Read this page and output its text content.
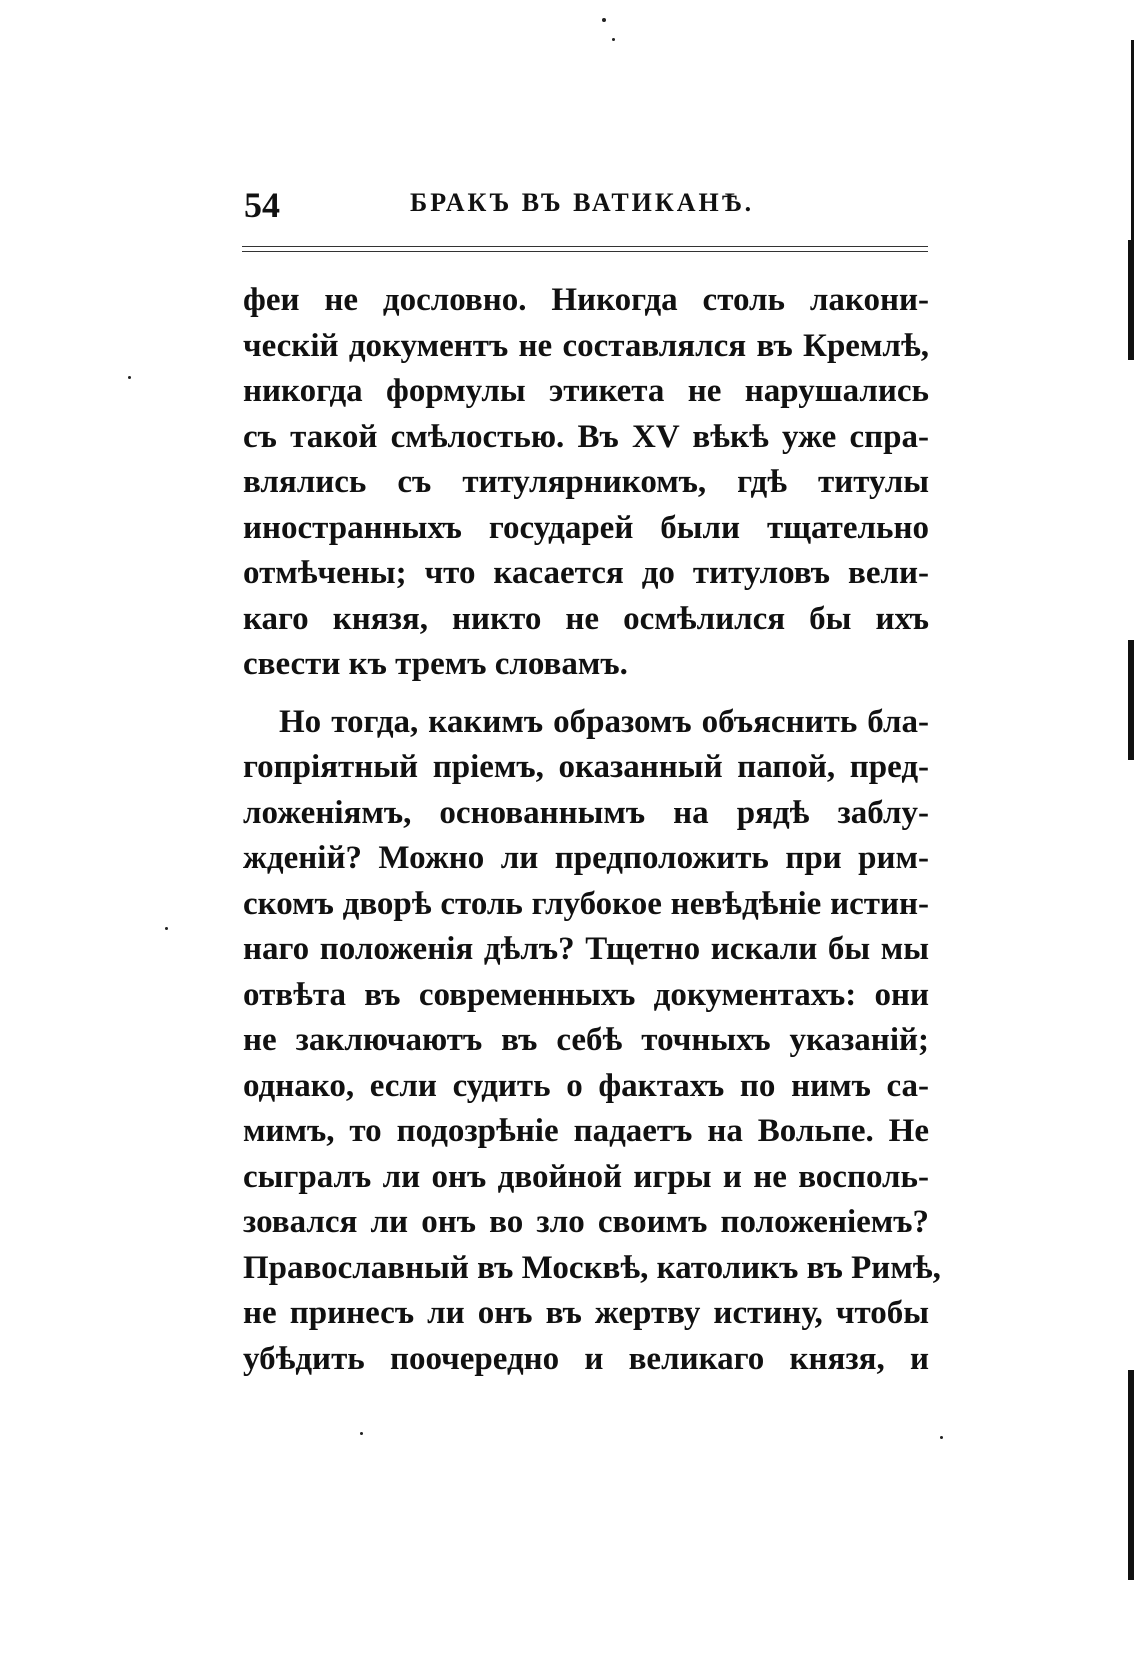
54	БРАКЪ ВЪ ВАТИКАНѢ.
феи не дословно. Никогда столь лакони-
ческій документъ не составлялся въ Кремлѣ,
никогда формулы этикета не нарушались
съ такой смѣлостью. Въ XV вѣкѣ уже спра-
влялись съ титулярникомъ, гдѣ титулы
иностранныхъ государей были тщательно
отмѣчены; что касается до титуловъ вели-
каго князя, никто не осмѣлился бы ихъ
свести къ тремъ словамъ.
Но тогда, какимъ образомъ объяснить бла-
гопріятный пріемъ, оказанный папой, пред-
ложеніямъ, основаннымъ на рядѣ заблу-
жденій? Можно ли предположить при рим-
скомъ дворѣ столь глубокое невѣдѣніе истин-
наго положенія дѣлъ? Тщетно искали бы мы
отвѣта въ современныхъ документахъ: они
не заключаютъ въ себѣ точныхъ указаній;
однако, если судить о фактахъ по нимъ са-
мимъ, то подозрѣніе падаетъ на Вольпе. Не
сыгралъ ли онъ двойной игры и не восполь-
зовался ли онъ во зло своимъ положеніемъ?
Православный въ Москвѣ, католикъ въ Римѣ,
не принесъ ли онъ въ жертву истину, чтобы
убѣдить поочередно и великаго князя, и
